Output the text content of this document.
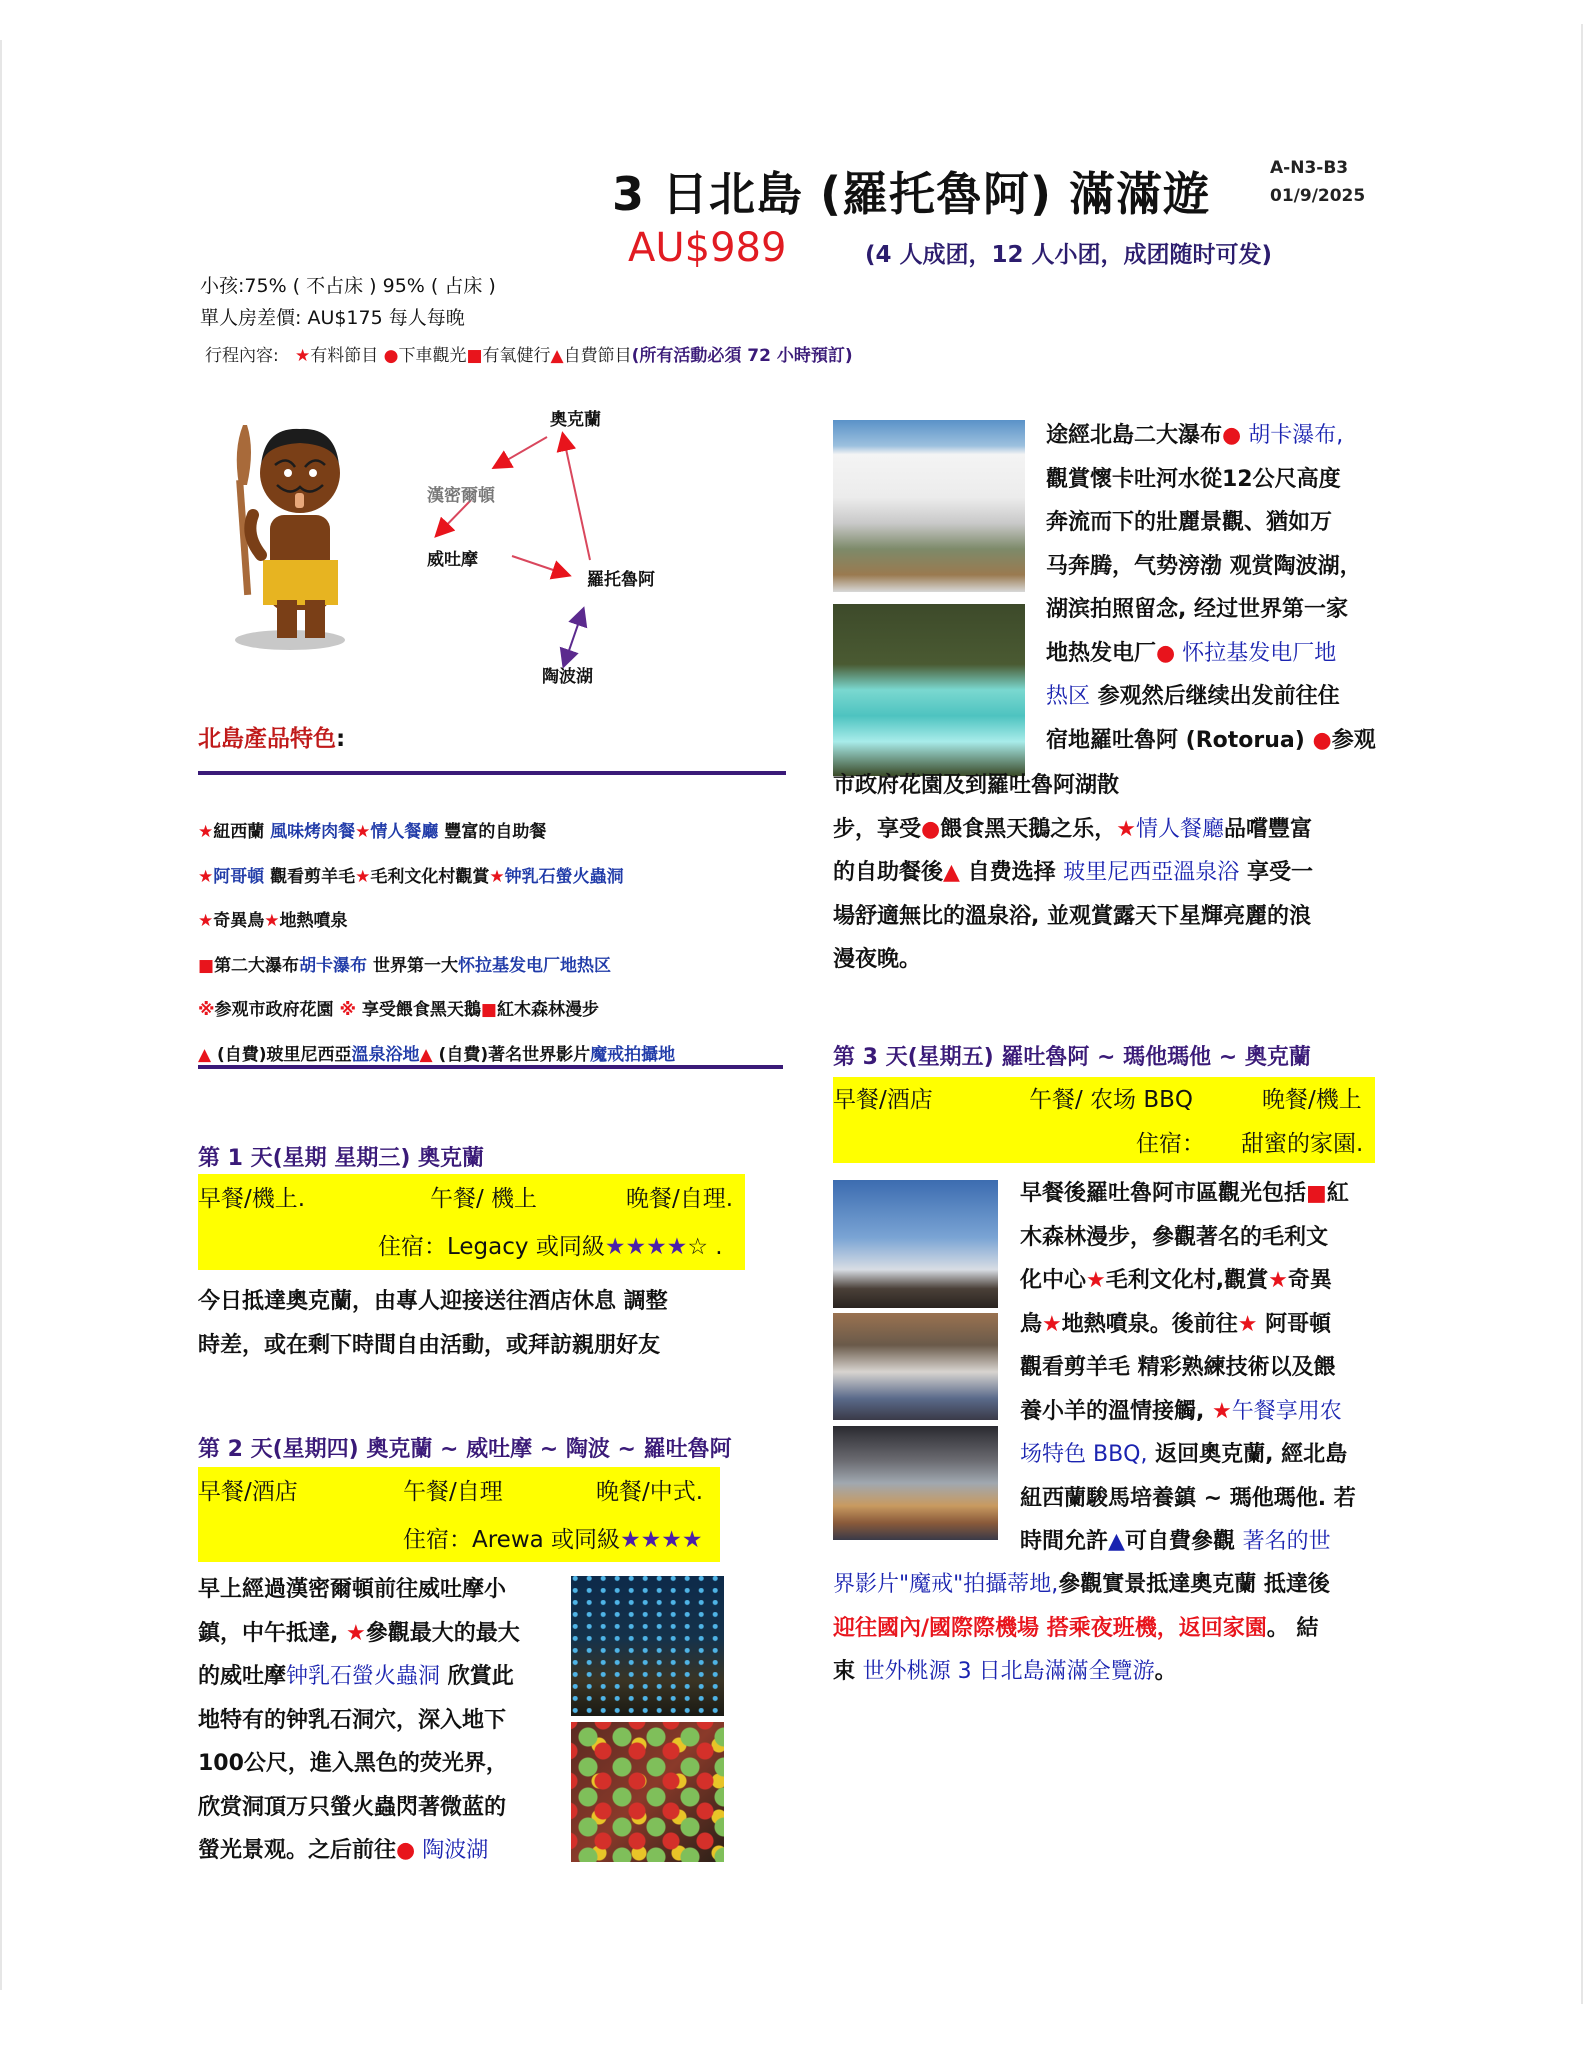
3 日北島 (羅托魯阿) 滿滿遊	A-N3-B3
01/9/2025
AU$989	(4 人成团，12 人小团，成团随时可发)
小孩:75% ( 不占床 ) 95% ( 占床 )
單人房差價: AU$175 每人每晚
行程內容: ★有料節目 ●下車觀光■有氧健行▲自費節目(所有活動必須 72 小時預訂)
奧克蘭
漢密爾頓
威吐摩
羅托魯阿
陶波湖
北島產品特色:
★紐西蘭 風味烤肉餐★情人餐廳 豐富的自助餐
★阿哥頓 觀看剪羊毛★毛利文化村觀賞★钟乳石螢火蟲洞
★奇異鳥★地熱噴泉
■第二大瀑布胡卡瀑布 世界第一大怀拉基发电厂地热区
※参观市政府花園 ※ 享受餵食黑天鵝■紅木森林漫步
▲ (自費)玻里尼西亞溫泉浴地▲ (自費)著名世界影片魔戒拍攝地
第 1 天(星期 星期三) 奧克蘭
早餐/機上.	午餐/ 機上	晚餐/自理.
住宿：Legacy 或同級★★★★☆ .
今日抵達奧克蘭，由專人迎接送往酒店休息 調整
時差，或在剩下時間自由活動，或拜訪親朋好友
第 2 天(星期四) 奧克蘭 ~ 威吐摩 ~ 陶波 ~ 羅吐魯阿
早餐/酒店	午餐/自理	晚餐/中式.
住宿：Arewa 或同級★★★★
早上經過漢密爾頓前往威吐摩小
鎮，中午抵達, ★參觀最大的最大
的威吐摩钟乳石螢火蟲洞 欣賞此
地特有的钟乳石洞穴，深入地下
100公尺，進入黑色的荧光界，
欣赏洞頂万只螢火蟲閃著微蓝的
螢光景观。之后前往● 陶波湖
途經北島二大瀑布● 胡卡瀑布,
觀賞懷卡吐河水從12公尺高度
奔流而下的壯麗景觀、猶如万
马奔腾，气势滂渤 观赏陶波湖，
湖滨拍照留念, 经过世界第一家
地热发电厂● 怀拉基发电厂地
热区 参观然后继续出发前往住
宿地羅吐魯阿 (Rotorua) ●参观
市政府花園及到羅吐魯阿湖散
步，享受●餵食黑天鵝之乐，★情人餐廳品嚐豐富
的自助餐後▲ 自费选择 玻里尼西亞溫泉浴 享受一
場舒適無比的溫泉浴, 並观賞露天下星輝亮麗的浪
漫夜晚。
第 3 天(星期五) 羅吐魯阿 ~ 瑪他瑪他 ~ 奧克蘭
早餐/酒店	午餐/ 农场 BBQ	晚餐/機上
住宿： 甜蜜的家園.
早餐後羅吐魯阿市區觀光包括■紅
木森林漫步，參觀著名的毛利文
化中心★毛利文化村,觀賞★奇異
鳥★地熱噴泉。後前往★ 阿哥頓
觀看剪羊毛 精彩熟練技術以及餵
養小羊的溫情接觸, ★午餐享用农
场特色 BBQ, 返回奧克蘭, 經北島
紐西蘭駿馬培養鎮 ~ 瑪他瑪他. 若
時間允許▲可自費參觀 著名的世
界影片"魔戒"拍攝蒂地,參觀實景抵達奧克蘭 抵達後
迎往國內/國際際機場 搭乘夜班機，返回家園。 結
束 世外桃源 3 日北島滿滿全覽游。
